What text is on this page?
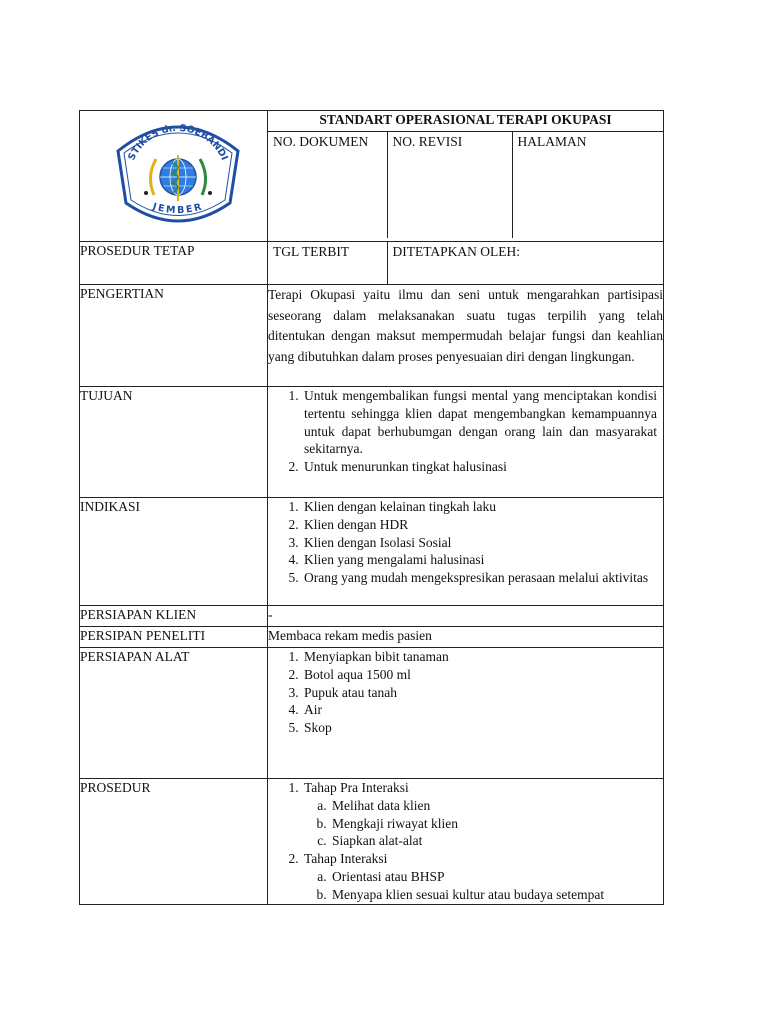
STIKES dr. SOEBANDI
JEMBER
	STANDART OPERASIONAL TERAPI OKUPASI

NO. DOKUMEN	NO. REVISI	HALAMAN

PROSEDUR TETAP		TGL TERBIT	DITETAPKAN OLEH:

PENGERTIAN	Terapi Okupasi yaitu ilmu dan seni untuk mengarahkan partisipasi seseorang dalam melaksanakan suatu tugas terpilih yang telah ditentukan dengan maksut mempermudah belajar fungsi dan keahlian yang dibutuhkan dalam proses penyesuaian diri dengan lingkungan.
TUJUAN	
1.Untuk mengembalikan fungsi mental yang menciptakan kondisi tertentu sehingga klien dapat mengembangkan kemampuannya untuk dapat berhubumgan dengan orang lain dan masyarakat sekitarnya.
2. Untuk menurunkan tingkat halusinasi

INDIKASI	
1.Klien dengan kelainan tingkah laku
2. Klien dengan HDR
3. Klien dengan Isolasi Sosial
4. Klien yang mengalami halusinasi
5. Orang yang mudah mengekspresikan perasaan melalui aktivitas

PERSIAPAN KLIEN	-
PERSIPAN PENELITI	Membaca rekam medis pasien
PERSIAPAN ALAT	
1.Menyiapkan bibit tanaman
2. Botol aqua 1500 ml
3. Pupuk atau tanah
4. Air
5. Skop

PROSEDUR	
1.Tahap Pra Interaksi
a. Melihat data klien
b. Mengkaji riwayat klien
c. Siapkan alat-alat
2. Tahap Interaksi
a. Orientasi atau BHSP
b. Menyapa klien sesuai kultur atau budaya setempat
